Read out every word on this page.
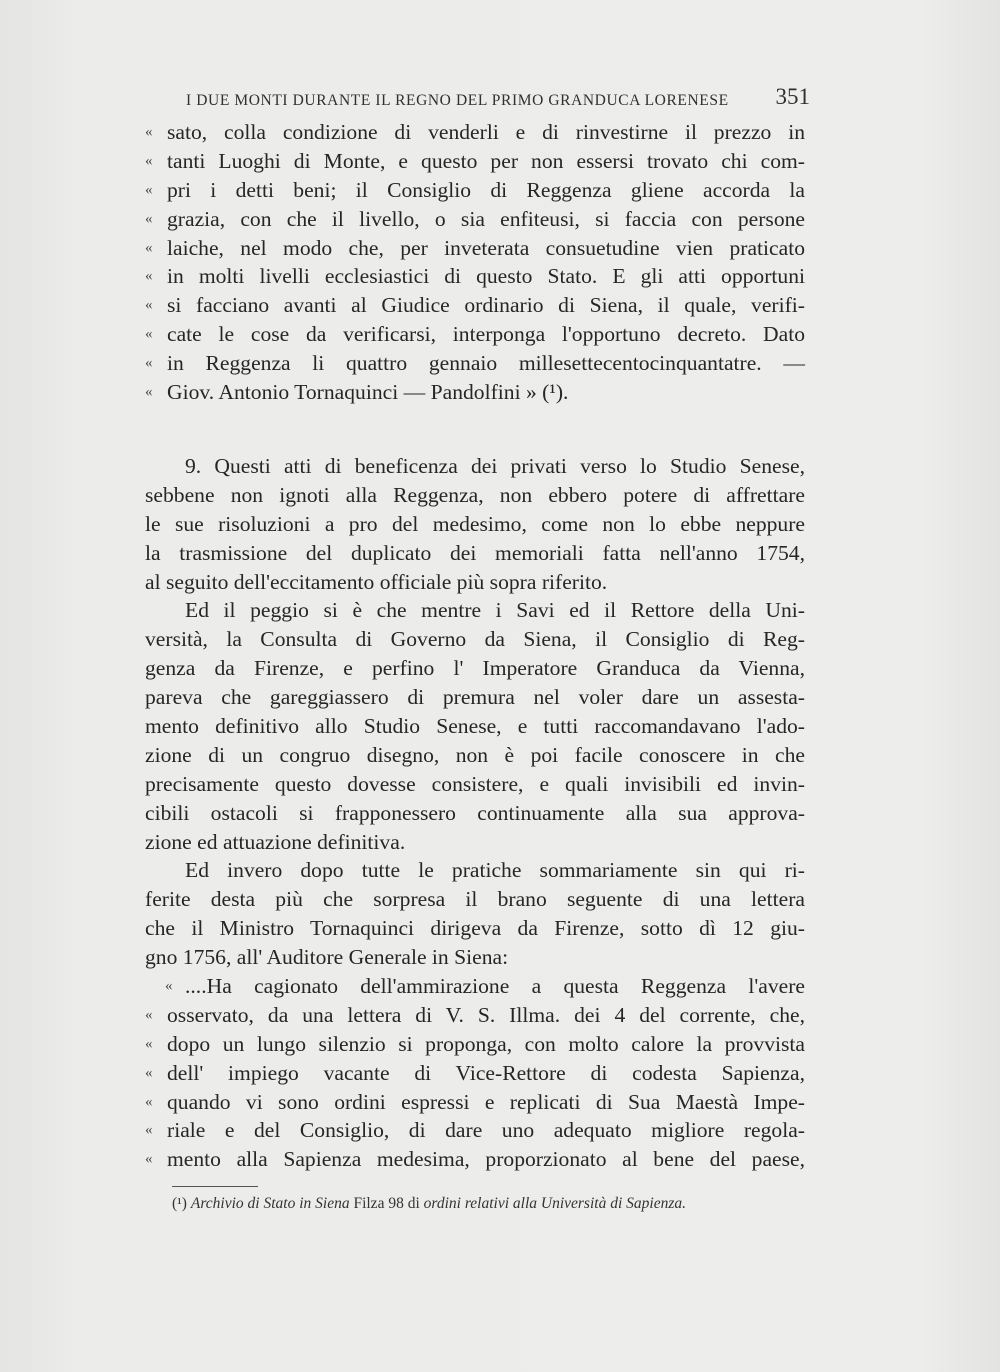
I DUE MONTI DURANTE IL REGNO DEL PRIMO GRANDUCA LORENESE 351
« sato, colla condizione di venderli e di rinvestirne il prezzo in
« tanti Luoghi di Monte, e questo per non essersi trovato chi com-
« pri i detti beni; il Consiglio di Reggenza gliene accorda la
« grazia, con che il livello, o sia enfiteusi, si faccia con persone
« laiche, nel modo che, per inveterata consuetudine vien praticato
« in molti livelli ecclesiastici di questo Stato. E gli atti opportuni
« si facciano avanti al Giudice ordinario di Siena, il quale, verifi-
« cate le cose da verificarsi, interponga l'opportuno decreto. Dato
« in Reggenza li quattro gennaio millesettecentocinquantatre. —
« Giov. Antonio Tornaquinci — Pandolfini » (¹).
9. Questi atti di beneficenza dei privati verso lo Studio Senese,
sebbene non ignoti alla Reggenza, non ebbero potere di affrettare
le sue risoluzioni a pro del medesimo, come non lo ebbe neppure
la trasmissione del duplicato dei memoriali fatta nell'anno 1754,
al seguito dell'eccitamento officiale più sopra riferito.
Ed il peggio si è che mentre i Savi ed il Rettore della Uni-
versità, la Consulta di Governo da Siena, il Consiglio di Reg-
genza da Firenze, e perfino l' Imperatore Granduca da Vienna,
pareva che gareggiassero di premura nel voler dare un assesta-
mento definitivo allo Studio Senese, e tutti raccomandavano l'ado-
zione di un congruo disegno, non è poi facile conoscere in che
precisamente questo dovesse consistere, e quali invisibili ed invin-
cibili ostacoli si frapponessero continuamente alla sua approva-
zione ed attuazione definitiva.
Ed invero dopo tutte le pratiche sommariamente sin qui ri-
ferite desta più che sorpresa il brano seguente di una lettera
che il Ministro Tornaquinci dirigeva da Firenze, sotto dì 12 giu-
gno 1756, all' Auditore Generale in Siena:
« ....Ha cagionato dell'ammirazione a questa Reggenza l'avere
« osservato, da una lettera di V. S. Illma. dei 4 del corrente, che,
« dopo un lungo silenzio si proponga, con molto calore la provvista
« dell' impiego vacante di Vice-Rettore di codesta Sapienza,
« quando vi sono ordini espressi e replicati di Sua Maestà Impe-
« riale e del Consiglio, di dare uno adequato migliore regola-
« mento alla Sapienza medesima, proporzionato al bene del paese,
(¹) Archivio di Stato in Siena Filza 98 di ordini relativi alla Università di Sapienza.
